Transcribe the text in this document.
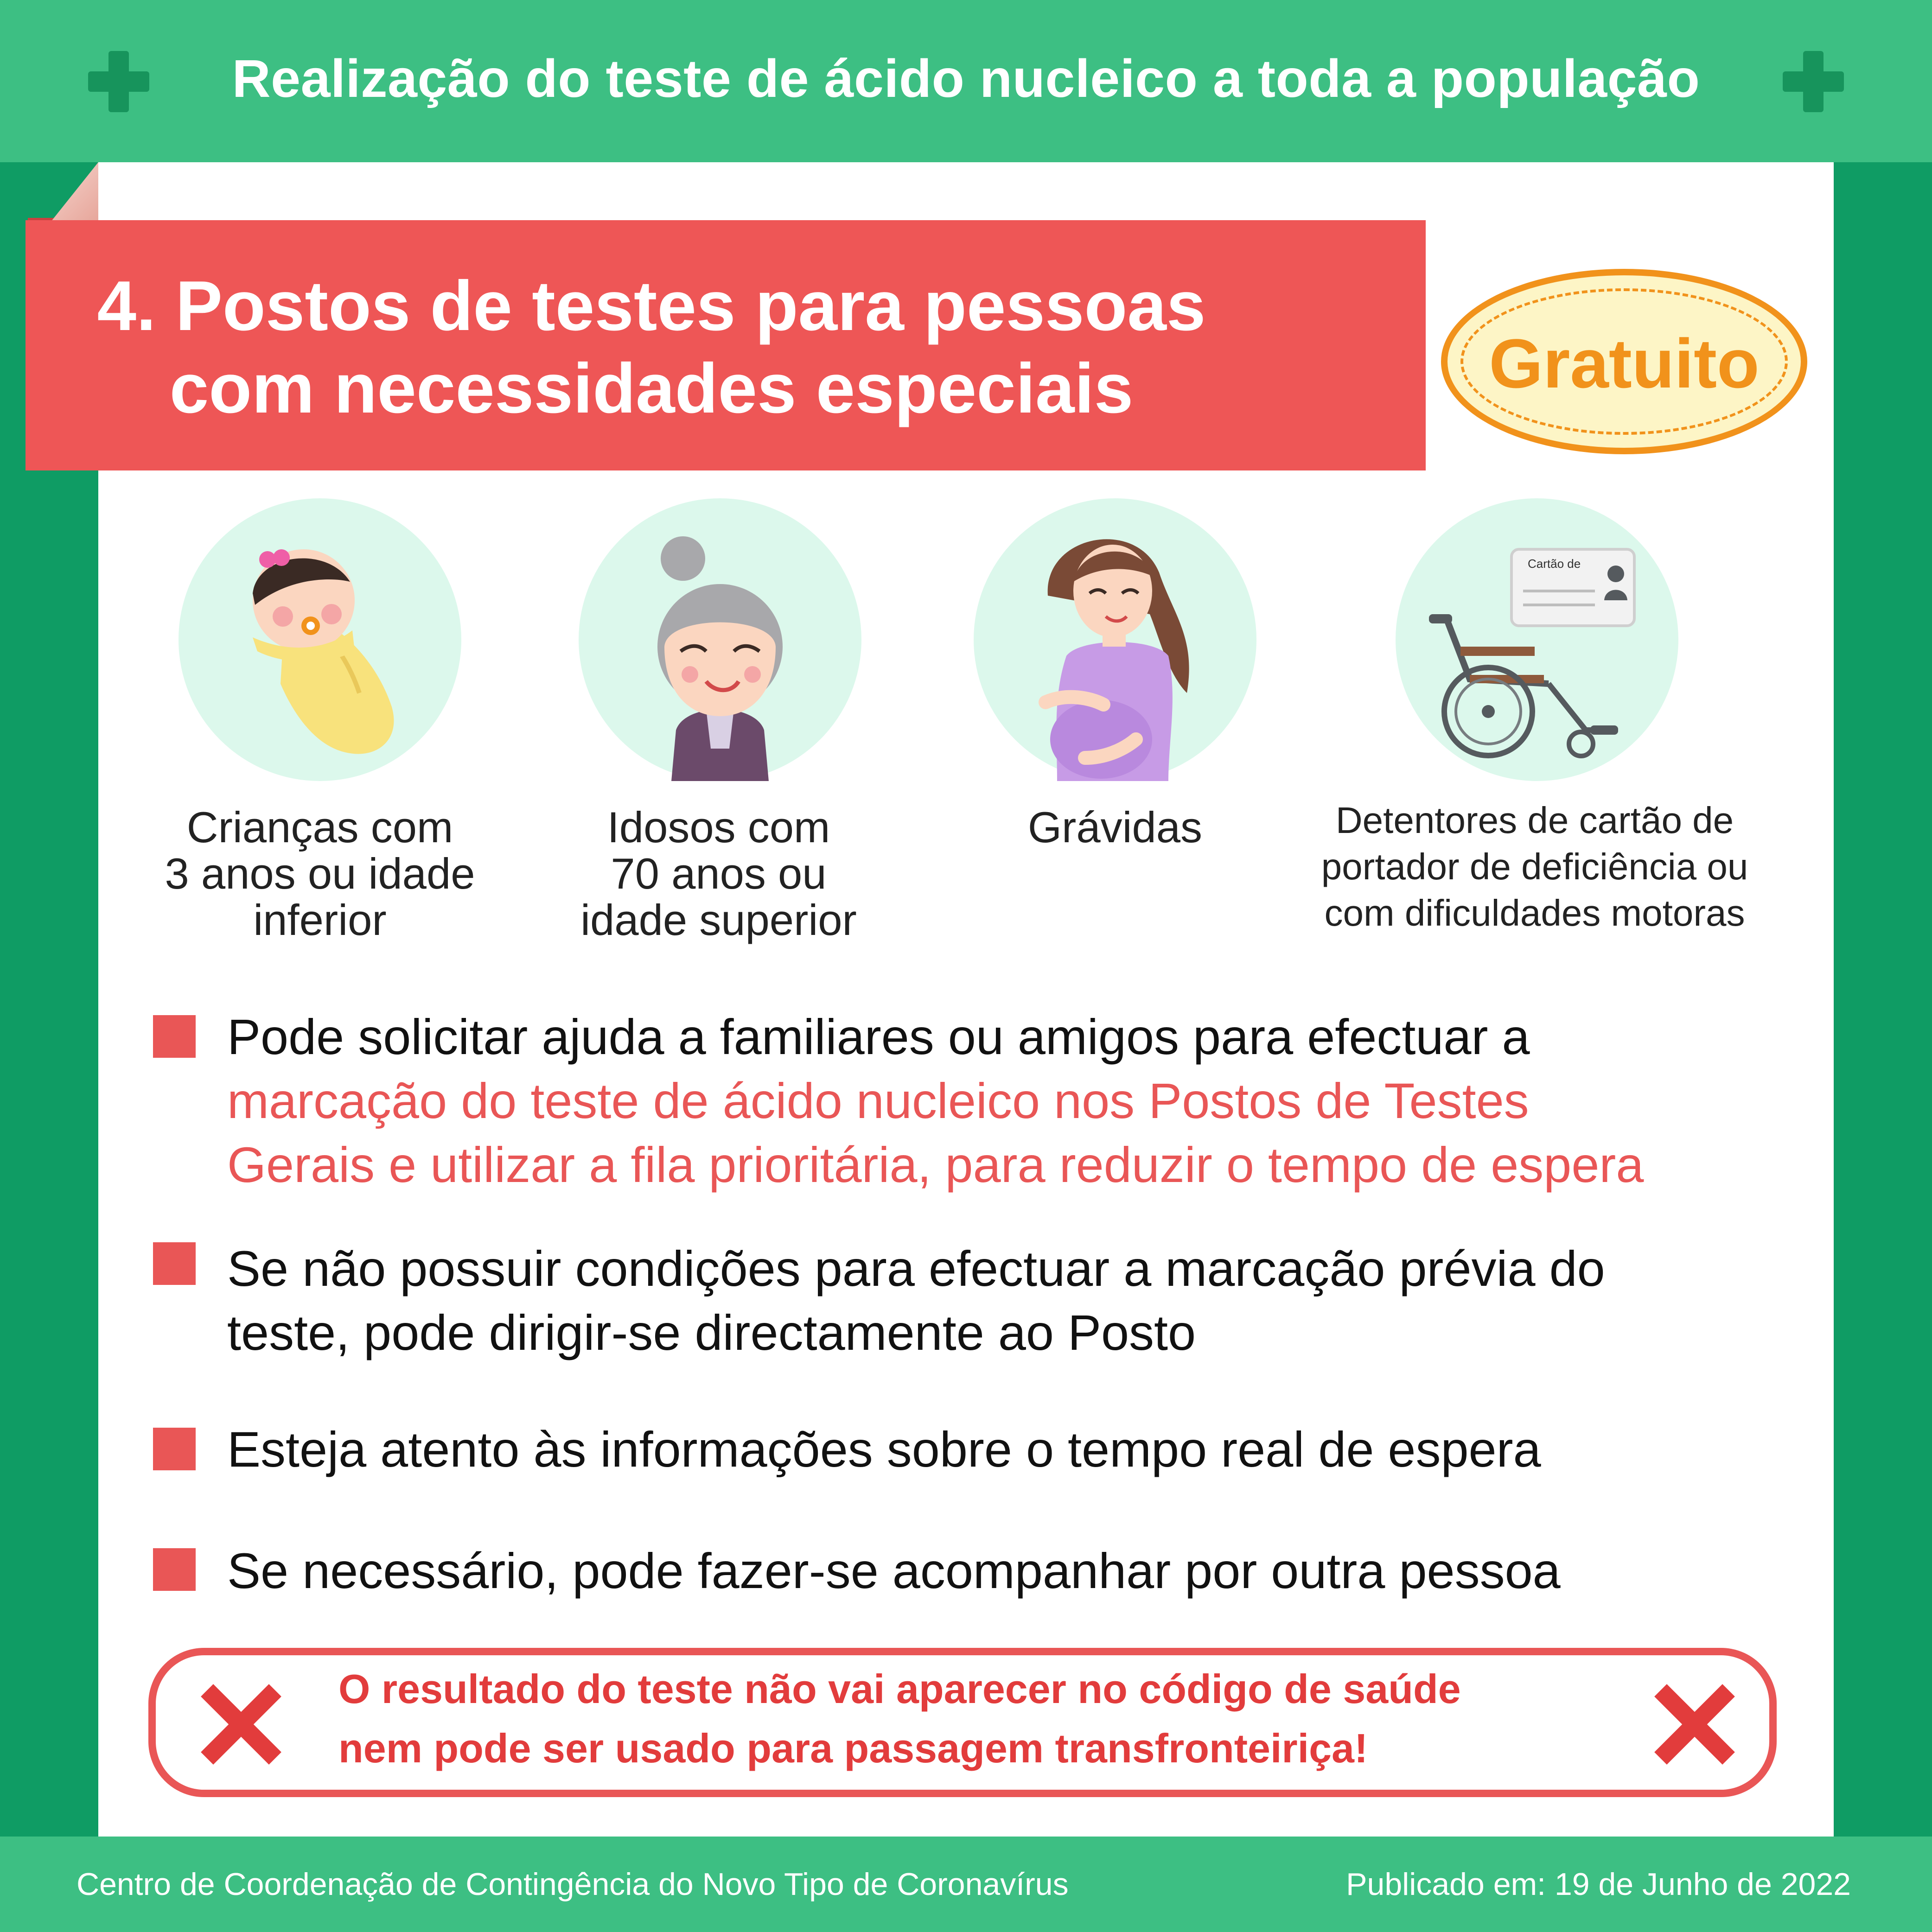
Realização do teste de ácido nucleico a toda a população
4. Postos de testes para pessoas
com necessidades especiais	Gratuito
Crianças com
3 anos ou idade
inferior
Idosos com
70 anos ou
idade superior
Grávidas
Cartão de
Detentores de cartão de
portador de deficiência ou
com dificuldades motoras
Pode solicitar ajuda a familiares ou amigos para efectuar a
marcação do teste de ácido nucleico nos Postos de Testes
Gerais e utilizar a fila prioritária, para reduzir o tempo de espera
Se não possuir condições para efectuar a marcação prévia do
teste, pode dirigir-se directamente ao Posto
Esteja atento às informações sobre o tempo real de espera
Se necessário, pode fazer-se acompanhar por outra pessoa
O resultado do teste não vai aparecer no código de saúde
nem pode ser usado para passagem transfronteiriça!
Centro de Coordenação de Contingência do Novo Tipo de Coronavírus	Publicado em: 19 de Junho de 2022
